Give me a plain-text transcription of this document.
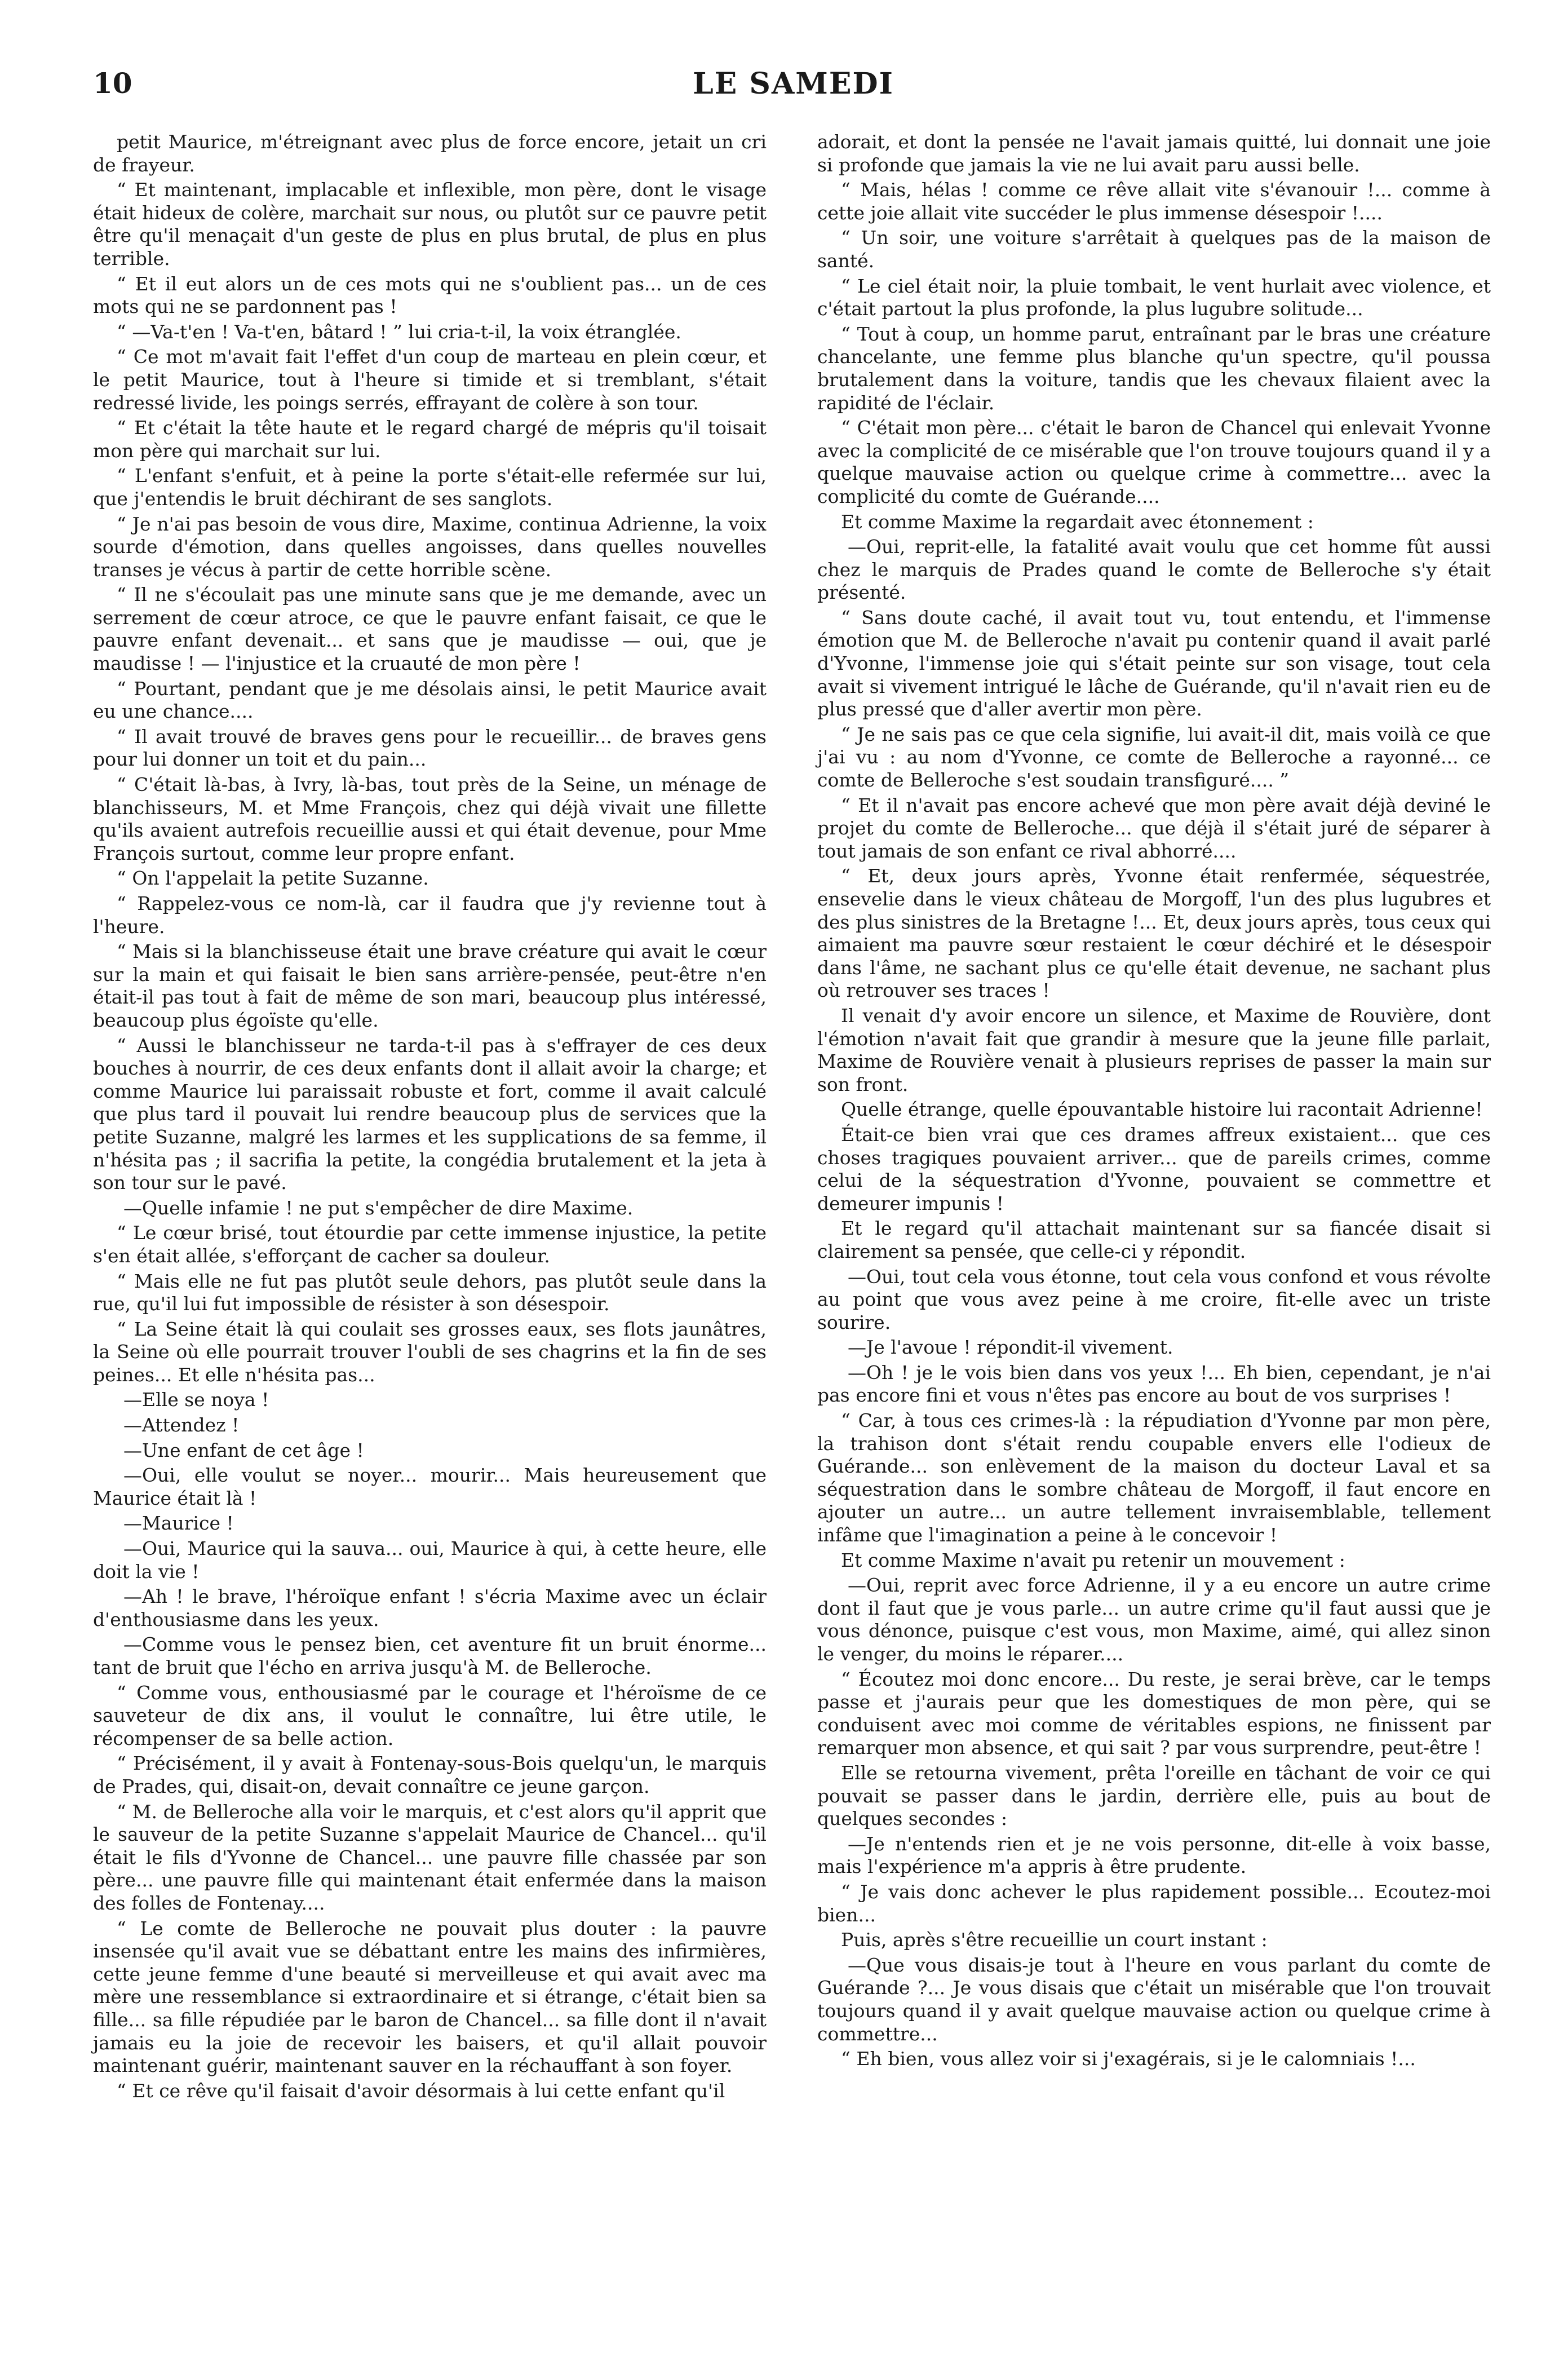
10	LE SAMEDI

petit Maurice, m'étreignant avec plus de force encore, jetait un cri de frayeur.

“ Et maintenant, implacable et inflexible, mon père, dont le visage était hideux de colère, marchait sur nous, ou plutôt sur ce pauvre petit être qu'il menaçait d'un geste de plus en plus brutal, de plus en plus terrible.

“ Et il eut alors un de ces mots qui ne s'oublient pas... un de ces mots qui ne se pardonnent pas !

“ —Va-t'en ! Va-t'en, bâtard ! ” lui cria-t-il, la voix étranglée.

“ Ce mot m'avait fait l'effet d'un coup de marteau en plein cœur, et le petit Maurice, tout à l'heure si timide et si tremblant, s'était redressé livide, les poings serrés, effrayant de colère à son tour.

“ Et c'était la tête haute et le regard chargé de mépris qu'il toisait mon père qui marchait sur lui.

“ L'enfant s'enfuit, et à peine la porte s'était-elle refermée sur lui, que j'entendis le bruit déchirant de ses sanglots.

“ Je n'ai pas besoin de vous dire, Maxime, continua Adrienne, la voix sourde d'émotion, dans quelles angoisses, dans quelles nouvelles transes je vécus à partir de cette horrible scène.

“ Il ne s'écoulait pas une minute sans que je me demande, avec un serrement de cœur atroce, ce que le pauvre enfant faisait, ce que le pauvre enfant devenait... et sans que je maudisse — oui, que je maudisse ! — l'injustice et la cruauté de mon père !

“ Pourtant, pendant que je me désolais ainsi, le petit Maurice avait eu une chance....

“ Il avait trouvé de braves gens pour le recueillir... de braves gens pour lui donner un toit et du pain...

“ C'était là-bas, à Ivry, là-bas, tout près de la Seine, un ménage de blanchisseurs, M. et Mme François, chez qui déjà vivait une fillette qu'ils avaient autrefois recueillie aussi et qui était devenue, pour Mme François surtout, comme leur propre enfant.

“ On l'appelait la petite Suzanne.

“ Rappelez-vous ce nom-là, car il faudra que j'y revienne tout à l'heure.

“ Mais si la blanchisseuse était une brave créature qui avait le cœur sur la main et qui faisait le bien sans arrière-pensée, peut-être n'en était-il pas tout à fait de même de son mari, beaucoup plus intéressé, beaucoup plus égoïste qu'elle.

“ Aussi le blanchisseur ne tarda-t-il pas à s'effrayer de ces deux bouches à nourrir, de ces deux enfants dont il allait avoir la charge; et comme Maurice lui paraissait robuste et fort, comme il avait calculé que plus tard il pouvait lui rendre beaucoup plus de services que la petite Suzanne, malgré les larmes et les supplications de sa femme, il n'hésita pas ; il sacrifia la petite, la congédia brutalement et la jeta à son tour sur le pavé.

—Quelle infamie ! ne put s'empêcher de dire Maxime.

“ Le cœur brisé, tout étourdie par cette immense injustice, la petite s'en était allée, s'efforçant de cacher sa douleur.

“ Mais elle ne fut pas plutôt seule dehors, pas plutôt seule dans la rue, qu'il lui fut impossible de résister à son désespoir.

“ La Seine était là qui coulait ses grosses eaux, ses flots jaunâtres, la Seine où elle pourrait trouver l'oubli de ses chagrins et la fin de ses peines... Et elle n'hésita pas...

—Elle se noya !

—Attendez !

—Une enfant de cet âge !

—Oui, elle voulut se noyer... mourir... Mais heureusement que Maurice était là !

—Maurice !

—Oui, Maurice qui la sauva... oui, Maurice à qui, à cette heure, elle doit la vie !

—Ah ! le brave, l'héroïque enfant ! s'écria Maxime avec un éclair d'enthousiasme dans les yeux.

—Comme vous le pensez bien, cet aventure fit un bruit énorme... tant de bruit que l'écho en arriva jusqu'à M. de Belleroche.

“ Comme vous, enthousiasmé par le courage et l'héroïsme de ce sauveteur de dix ans, il voulut le connaître, lui être utile, le récompenser de sa belle action.

“ Précisément, il y avait à Fontenay-sous-Bois quelqu'un, le marquis de Prades, qui, disait-on, devait connaître ce jeune garçon.

“ M. de Belleroche alla voir le marquis, et c'est alors qu'il apprit que le sauveur de la petite Suzanne s'appelait Maurice de Chancel... qu'il était le fils d'Yvonne de Chancel... une pauvre fille chassée par son père... une pauvre fille qui maintenant était enfermée dans la maison des folles de Fontenay....

“ Le comte de Belleroche ne pouvait plus douter : la pauvre insensée qu'il avait vue se débattant entre les mains des infirmières, cette jeune femme d'une beauté si merveilleuse et qui avait avec ma mère une ressemblance si extraordinaire et si étrange, c'était bien sa fille... sa fille répudiée par le baron de Chancel... sa fille dont il n'avait jamais eu la joie de recevoir les baisers, et qu'il allait pouvoir maintenant guérir, maintenant sauver en la réchauffant à son foyer.

“ Et ce rêve qu'il faisait d'avoir désormais à lui cette enfant qu'il

adorait, et dont la pensée ne l'avait jamais quitté, lui donnait une joie si profonde que jamais la vie ne lui avait paru aussi belle.

“ Mais, hélas ! comme ce rêve allait vite s'évanouir !... comme à cette joie allait vite succéder le plus immense désespoir !....

“ Un soir, une voiture s'arrêtait à quelques pas de la maison de santé.

“ Le ciel était noir, la pluie tombait, le vent hurlait avec violence, et c'était partout la plus profonde, la plus lugubre solitude...

“ Tout à coup, un homme parut, entraînant par le bras une créature chancelante, une femme plus blanche qu'un spectre, qu'il poussa brutalement dans la voiture, tandis que les chevaux filaient avec la rapidité de l'éclair.

“ C'était mon père... c'était le baron de Chancel qui enlevait Yvonne avec la complicité de ce misérable que l'on trouve toujours quand il y a quelque mauvaise action ou quelque crime à commettre... avec la complicité du comte de Guérande....

Et comme Maxime la regardait avec étonnement :

—Oui, reprit-elle, la fatalité avait voulu que cet homme fût aussi chez le marquis de Prades quand le comte de Belleroche s'y était présenté.

“ Sans doute caché, il avait tout vu, tout entendu, et l'immense émotion que M. de Belleroche n'avait pu contenir quand il avait parlé d'Yvonne, l'immense joie qui s'était peinte sur son visage, tout cela avait si vivement intrigué le lâche de Guérande, qu'il n'avait rien eu de plus pressé que d'aller avertir mon père.

“ Je ne sais pas ce que cela signifie, lui avait-il dit, mais voilà ce que j'ai vu : au nom d'Yvonne, ce comte de Belleroche a rayonné... ce comte de Belleroche s'est soudain transfiguré.... ”

“ Et il n'avait pas encore achevé que mon père avait déjà deviné le projet du comte de Belleroche... que déjà il s'était juré de séparer à tout jamais de son enfant ce rival abhorré....

“ Et, deux jours après, Yvonne était renfermée, séquestrée, ensevelie dans le vieux château de Morgoff, l'un des plus lugubres et des plus sinistres de la Bretagne !... Et, deux jours après, tous ceux qui aimaient ma pauvre sœur restaient le cœur déchiré et le désespoir dans l'âme, ne sachant plus ce qu'elle était devenue, ne sachant plus où retrouver ses traces !

Il venait d'y avoir encore un silence, et Maxime de Rouvière, dont l'émotion n'avait fait que grandir à mesure que la jeune fille parlait, Maxime de Rouvière venait à plusieurs reprises de passer la main sur son front.

Quelle étrange, quelle épouvantable histoire lui racontait Adrienne!

Était-ce bien vrai que ces drames affreux existaient... que ces choses tragiques pouvaient arriver... que de pareils crimes, comme celui de la séquestration d'Yvonne, pouvaient se commettre et demeurer impunis !

Et le regard qu'il attachait maintenant sur sa fiancée disait si clairement sa pensée, que celle-ci y répondit.

—Oui, tout cela vous étonne, tout cela vous confond et vous révolte au point que vous avez peine à me croire, fit-elle avec un triste sourire.

—Je l'avoue ! répondit-il vivement.

—Oh ! je le vois bien dans vos yeux !... Eh bien, cependant, je n'ai pas encore fini et vous n'êtes pas encore au bout de vos surprises !

“ Car, à tous ces crimes-là : la répudiation d'Yvonne par mon père, la trahison dont s'était rendu coupable envers elle l'odieux de Guérande... son enlèvement de la maison du docteur Laval et sa séquestration dans le sombre château de Morgoff, il faut encore en ajouter un autre... un autre tellement invraisemblable, tellement infâme que l'imagination a peine à le concevoir !

Et comme Maxime n'avait pu retenir un mouvement :

—Oui, reprit avec force Adrienne, il y a eu encore un autre crime dont il faut que je vous parle... un autre crime qu'il faut aussi que je vous dénonce, puisque c'est vous, mon Maxime, aimé, qui allez sinon le venger, du moins le réparer....

“ Écoutez moi donc encore... Du reste, je serai brève, car le temps passe et j'aurais peur que les domestiques de mon père, qui se conduisent avec moi comme de véritables espions, ne finissent par remarquer mon absence, et qui sait ? par vous surprendre, peut-être !

Elle se retourna vivement, prêta l'oreille en tâchant de voir ce qui pouvait se passer dans le jardin, derrière elle, puis au bout de quelques secondes :

—Je n'entends rien et je ne vois personne, dit-elle à voix basse, mais l'expérience m'a appris à être prudente.

“ Je vais donc achever le plus rapidement possible... Ecoutez-moi bien...

Puis, après s'être recueillie un court instant :

—Que vous disais-je tout à l'heure en vous parlant du comte de Guérande ?... Je vous disais que c'était un misérable que l'on trouvait toujours quand il y avait quelque mauvaise action ou quelque crime à commettre...

“ Eh bien, vous allez voir si j'exagérais, si je le calomniais !...
